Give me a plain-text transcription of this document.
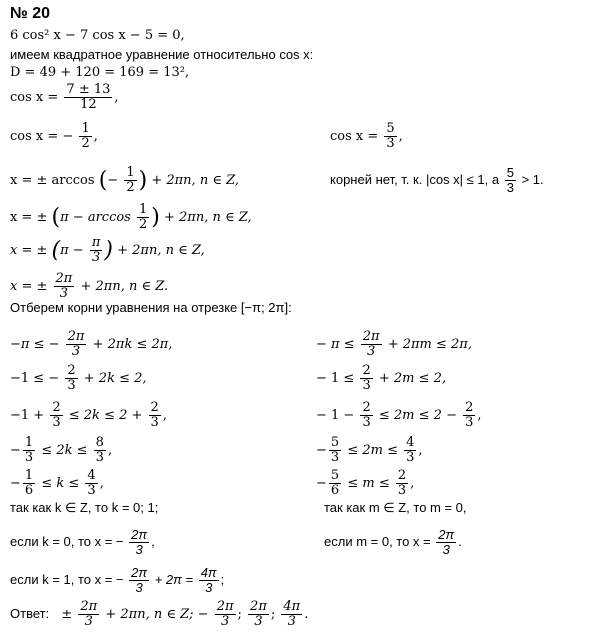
№ 20
6 cos² x − 7 cos x − 5 = 0,
имеем квадратное уравнение относительно cos x:
D = 49 + 120 = 169 = 13²,
$\cos x = \frac{7 \pm 13}{12}$ ,
cos x = − $\frac{1}{2}$ ,	$\cos x = \frac{5}{3}$ ,
x = ± arccos (− $\frac{1}{2}$ ) + 2πn, n ∈ Z,	корней нет, т. к. |cos x| ≤ 1, а $\frac{5}{3} > 1$.
x = ± ($\pi - \arccos \frac{1}{2}$ ) + 2πn, n ∈ Z,
x = ± ($\pi - \frac{\pi}{3}$ ) + 2πn, n ∈ Z,
x = ± $\frac{2\pi}{3} + 2\pi n$, n ∈ Z.
Отберем корни уравнения на отрезке [−π; 2π]:
−π ≤ − $\frac{2\pi}{3} + 2\pi k \le 2\pi$,
−1 ≤ − $\frac{2}{3} + 2k \le 2$,
$-1 + \frac{2}{3} \le 2k \le 2 + \frac{2}{3}$ ,
− $\frac{1}{3} \le 2k \le \frac{8}{3}$ ,
− $\frac{1}{6} \le k \le \frac{4}{3}$ ,
так как k ∈ Z, то k = 0; 1;
если k = 0, то x = − $\frac{2\pi}{3}$ ,
если k = 1, то x = − $\frac{2\pi}{3} + 2\pi = \frac{4\pi}{3}$ ;
− $\pi \le \frac{2\pi}{3} + 2\pi m \le 2\pi$,
− $1 \le \frac{2}{3} + 2m \le 2$,
− $1 - \frac{2}{3} \le 2m \le 2 - \frac{2}{3}$ ,
− $\frac{5}{3} \le 2m \le \frac{4}{3}$ ,
− $\frac{5}{6} \le m \le \frac{2}{3}$ ,
так как m ∈ Z, то m = 0,
если m = 0, то $x = \frac{2\pi}{3}$ .
Ответ: ± $\frac{2\pi}{3} + 2\pi n$, n ∈ Z; − $\frac{2\pi}{3}$ ; $\frac{2\pi}{3}$ ; $\frac{4\pi}{3}$ .
